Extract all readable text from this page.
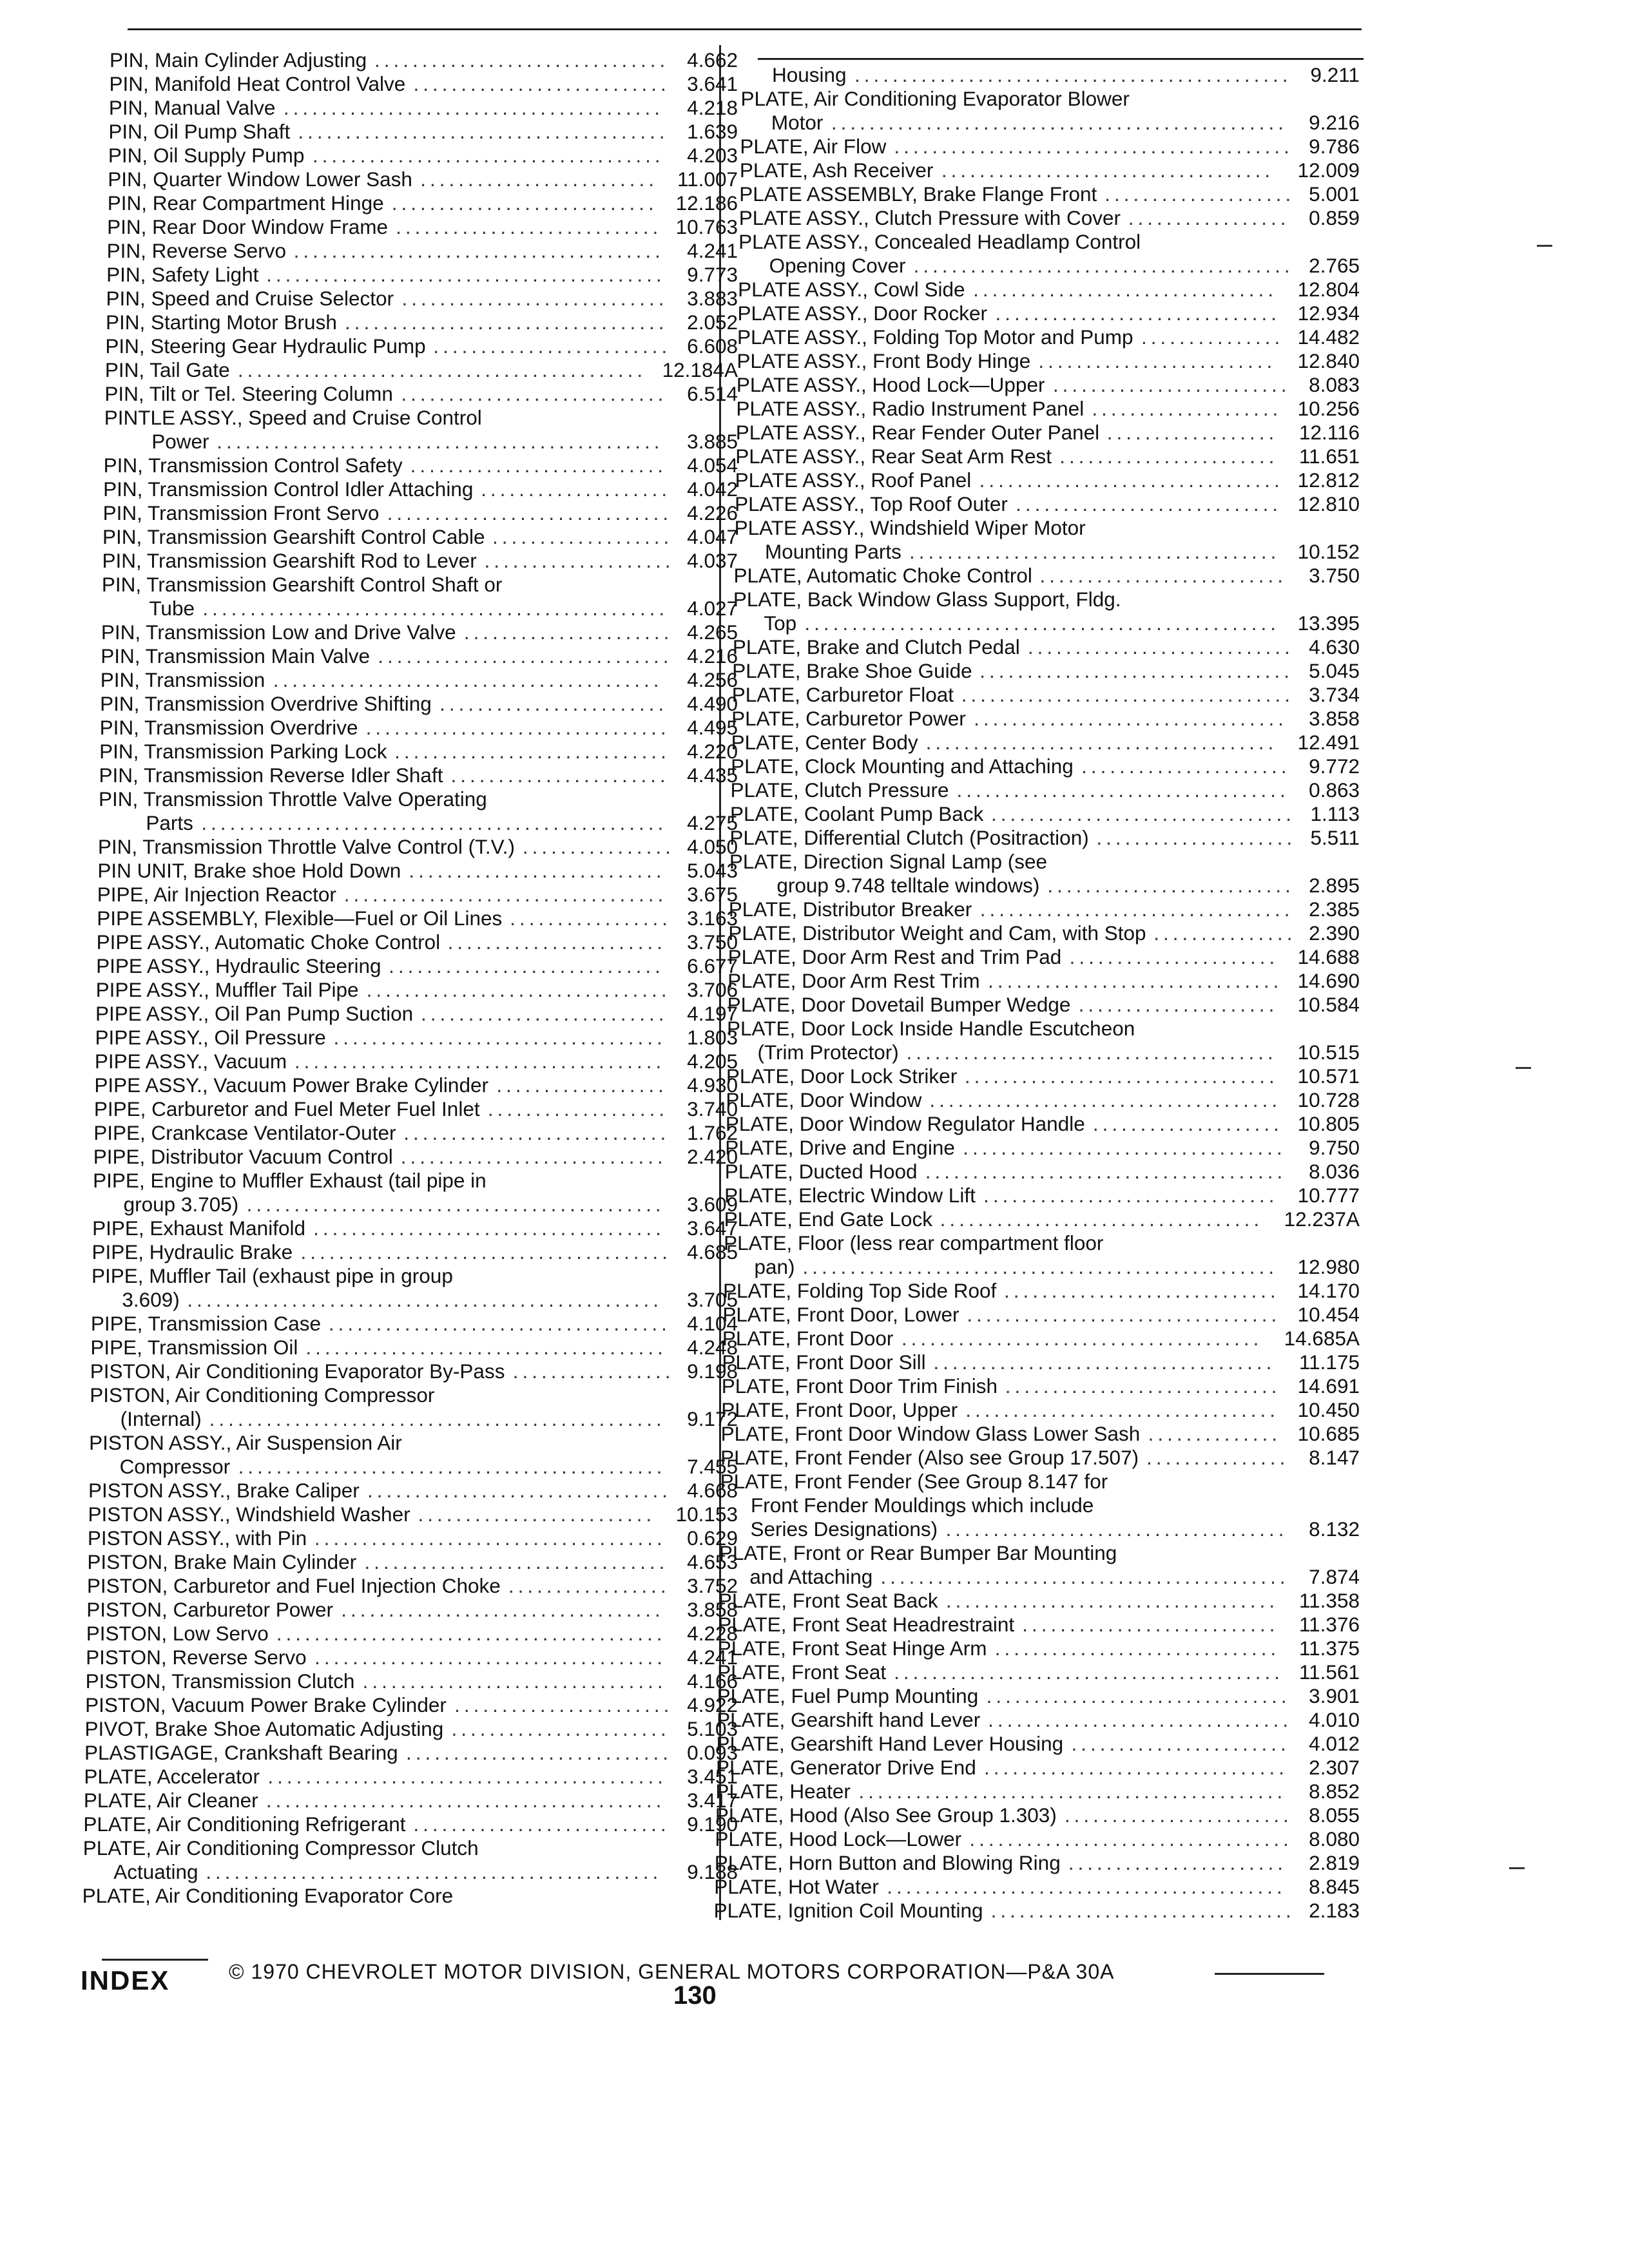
PIN, Main Cylinder Adjusting	4.662
...............................
PIN, Manifold Heat Control Valve	3.641
...........................
PIN, Manual Valve	4.218
........................................
PIN, Oil Pump Shaft	1.639
.......................................
PIN, Oil Supply Pump	4.203
.....................................
PIN, Quarter Window Lower Sash	11.007
.........................
PIN, Rear Compartment Hinge	12.186
............................
PIN, Rear Door Window Frame	10.763
............................
PIN, Reverse Servo	4.241
.......................................
PIN, Safety Light	9.773
..........................................
PIN, Speed and Cruise Selector	3.883
............................
PIN, Starting Motor Brush	2.052
..................................
PIN, Steering Gear Hydraulic Pump	6.608
.........................
PIN, Tail Gate	12.184A
...........................................
PIN, Tilt or Tel. Steering Column	6.514
............................
PINTLE ASSY., Speed and Cruise Control
Power	3.885
...............................................
PIN, Transmission Control Safety	4.054
...........................
PIN, Transmission Control Idler Attaching	4.042
....................
PIN, Transmission Front Servo	4.226
..............................
PIN, Transmission Gearshift Control Cable	4.047
...................
PIN, Transmission Gearshift Rod to Lever	4.037
....................
PIN, Transmission Gearshift Control Shaft or
Tube	4.027
.................................................
PIN, Transmission Low and Drive Valve	4.265
......................
PIN, Transmission Main Valve	4.216
...............................
PIN, Transmission	4.256
.........................................
PIN, Transmission Overdrive Shifting	4.490
........................
PIN, Transmission Overdrive	4.495
................................
PIN, Transmission Parking Lock	4.220
.............................
PIN, Transmission Reverse Idler Shaft	4.435
.......................
PIN, Transmission Throttle Valve Operating
Parts	4.275
.................................................
PIN, Transmission Throttle Valve Control (T.V.)	4.050
................
PIN UNIT, Brake shoe Hold Down	5.043
...........................
PIPE, Air Injection Reactor	3.675
..................................
PIPE ASSEMBLY, Flexible—Fuel or Oil Lines	3.163
.................
PIPE ASSY., Automatic Choke Control	3.750
.......................
PIPE ASSY., Hydraulic Steering	6.677
.............................
PIPE ASSY., Muffler Tail Pipe	3.706
................................
PIPE ASSY., Oil Pan Pump Suction	4.197
..........................
PIPE ASSY., Oil Pressure	1.803
...................................
PIPE ASSY., Vacuum	4.205
.......................................
PIPE ASSY., Vacuum Power Brake Cylinder	4.930
..................
PIPE, Carburetor and Fuel Meter Fuel Inlet	3.740
...................
PIPE, Crankcase Ventilator-Outer	1.762
............................
PIPE, Distributor Vacuum Control	2.420
............................
PIPE, Engine to Muffler Exhaust (tail pipe in
group 3.705)	3.609
............................................
PIPE, Exhaust Manifold	3.647
.....................................
PIPE, Hydraulic Brake	4.685
.......................................
PIPE, Muffler Tail (exhaust pipe in group
3.609)	3.705
..................................................
PIPE, Transmission Case	4.104
....................................
PIPE, Transmission Oil	4.248
......................................
PISTON, Air Conditioning Evaporator By-Pass	9.198
.................
PISTON, Air Conditioning Compressor
(Internal)	9.172
................................................
PISTON ASSY., Air Suspension Air
Compressor	7.455
.............................................
PISTON ASSY., Brake Caliper	4.668
................................
PISTON ASSY., Windshield Washer	10.153
.........................
PISTON ASSY., with Pin	0.629
.....................................
PISTON, Brake Main Cylinder	4.653
................................
PISTON, Carburetor and Fuel Injection Choke	3.752
.................
PISTON, Carburetor Power	3.858
..................................
PISTON, Low Servo	4.228
.........................................
PISTON, Reverse Servo	4.241
.....................................
PISTON, Transmission Clutch	4.166
................................
PISTON, Vacuum Power Brake Cylinder	4.922
.......................
PIVOT, Brake Shoe Automatic Adjusting	5.103
.......................
PLASTIGAGE, Crankshaft Bearing	0.093
............................
PLATE, Accelerator	3.451
..........................................
PLATE, Air Cleaner	3.417
..........................................
PLATE, Air Conditioning Refrigerant	9.190
...........................
PLATE, Air Conditioning Compressor Clutch
Actuating	9.188
................................................
PLATE, Air Conditioning Evaporator Core
Housing	9.211
..............................................
PLATE, Air Conditioning Evaporator Blower
Motor	9.216
................................................
PLATE, Air Flow	9.786
..........................................
PLATE, Ash Receiver	12.009
...................................
PLATE ASSEMBLY, Brake Flange Front	5.001
....................
PLATE ASSY., Clutch Pressure with Cover	0.859
.................
PLATE ASSY., Concealed Headlamp Control
Opening Cover	2.765
........................................
PLATE ASSY., Cowl Side	12.804
................................
PLATE ASSY., Door Rocker	12.934
..............................
PLATE ASSY., Folding Top Motor and Pump	14.482
...............
PLATE ASSY., Front Body Hinge	12.840
.........................
PLATE ASSY., Hood Lock—Upper	8.083
.........................
PLATE ASSY., Radio Instrument Panel	10.256
....................
PLATE ASSY., Rear Fender Outer Panel	12.116
..................
PLATE ASSY., Rear Seat Arm Rest	11.651
.......................
PLATE ASSY., Roof Panel	12.812
................................
PLATE ASSY., Top Roof Outer	12.810
............................
PLATE ASSY., Windshield Wiper Motor
Mounting Parts	10.152
.......................................
PLATE, Automatic Choke Control	3.750
..........................
PLATE, Back Window Glass Support, Fldg.
Top	13.395
..................................................
PLATE, Brake and Clutch Pedal	4.630
............................
PLATE, Brake Shoe Guide	5.045
.................................
PLATE, Carburetor Float	3.734
...................................
PLATE, Carburetor Power	3.858
.................................
PLATE, Center Body	12.491
.....................................
PLATE, Clock Mounting and Attaching	9.772
......................
PLATE, Clutch Pressure	0.863
...................................
PLATE, Coolant Pump Back	1.113
................................
PLATE, Differential Clutch (Positraction)	5.511
.....................
PLATE, Direction Signal Lamp (see
group 9.748 telltale windows)	2.895
..........................
PLATE, Distributor Breaker	2.385
.................................
PLATE, Distributor Weight and Cam, with Stop	2.390
...............
PLATE, Door Arm Rest and Trim Pad	14.688
......................
PLATE, Door Arm Rest Trim	14.690
...............................
PLATE, Door Dovetail Bumper Wedge	10.584
.....................
PLATE, Door Lock Inside Handle Escutcheon
(Trim Protector)	10.515
.......................................
PLATE, Door Lock Striker	10.571
.................................
PLATE, Door Window	10.728
.....................................
PLATE, Door Window Regulator Handle	10.805
....................
PLATE, Drive and Engine	9.750
..................................
PLATE, Ducted Hood	8.036
......................................
PLATE, Electric Window Lift	10.777
...............................
PLATE, End Gate Lock	12.237A
..................................
PLATE, Floor (less rear compartment floor
pan)	12.980
..................................................
PLATE, Folding Top Side Roof	14.170
.............................
PLATE, Front Door, Lower	10.454
.................................
PLATE, Front Door	14.685A
......................................
PLATE, Front Door Sill	11.175
....................................
PLATE, Front Door Trim Finish	14.691
.............................
PLATE, Front Door, Upper	10.450
.................................
PLATE, Front Door Window Glass Lower Sash	10.685
..............
PLATE, Front Fender (Also see Group 17.507)	8.147
...............
PLATE, Front Fender (See Group 8.147 for
Front Fender Mouldings which include
Series Designations)	8.132
....................................
PLATE, Front or Rear Bumper Bar Mounting
and Attaching	7.874
...........................................
PLATE, Front Seat Back	11.358
...................................
PLATE, Front Seat Headrestraint	11.376
...........................
PLATE, Front Seat Hinge Arm	11.375
..............................
PLATE, Front Seat	11.561
.........................................
PLATE, Fuel Pump Mounting	3.901
................................
PLATE, Gearshift hand Lever	4.010
................................
PLATE, Gearshift Hand Lever Housing	4.012
.......................
PLATE, Generator Drive End	2.307
................................
PLATE, Heater	8.852
.............................................
PLATE, Hood (Also See Group 1.303)	8.055
........................
PLATE, Hood Lock—Lower	8.080
..................................
PLATE, Horn Button and Blowing Ring	2.819
.......................
PLATE, Hot Water	8.845
..........................................
PLATE, Ignition Coil Mounting	2.183
................................
INDEX	© 1970 CHEVROLET MOTOR DIVISION, GENERAL MOTORS CORPORATION—P&A 30A
130
